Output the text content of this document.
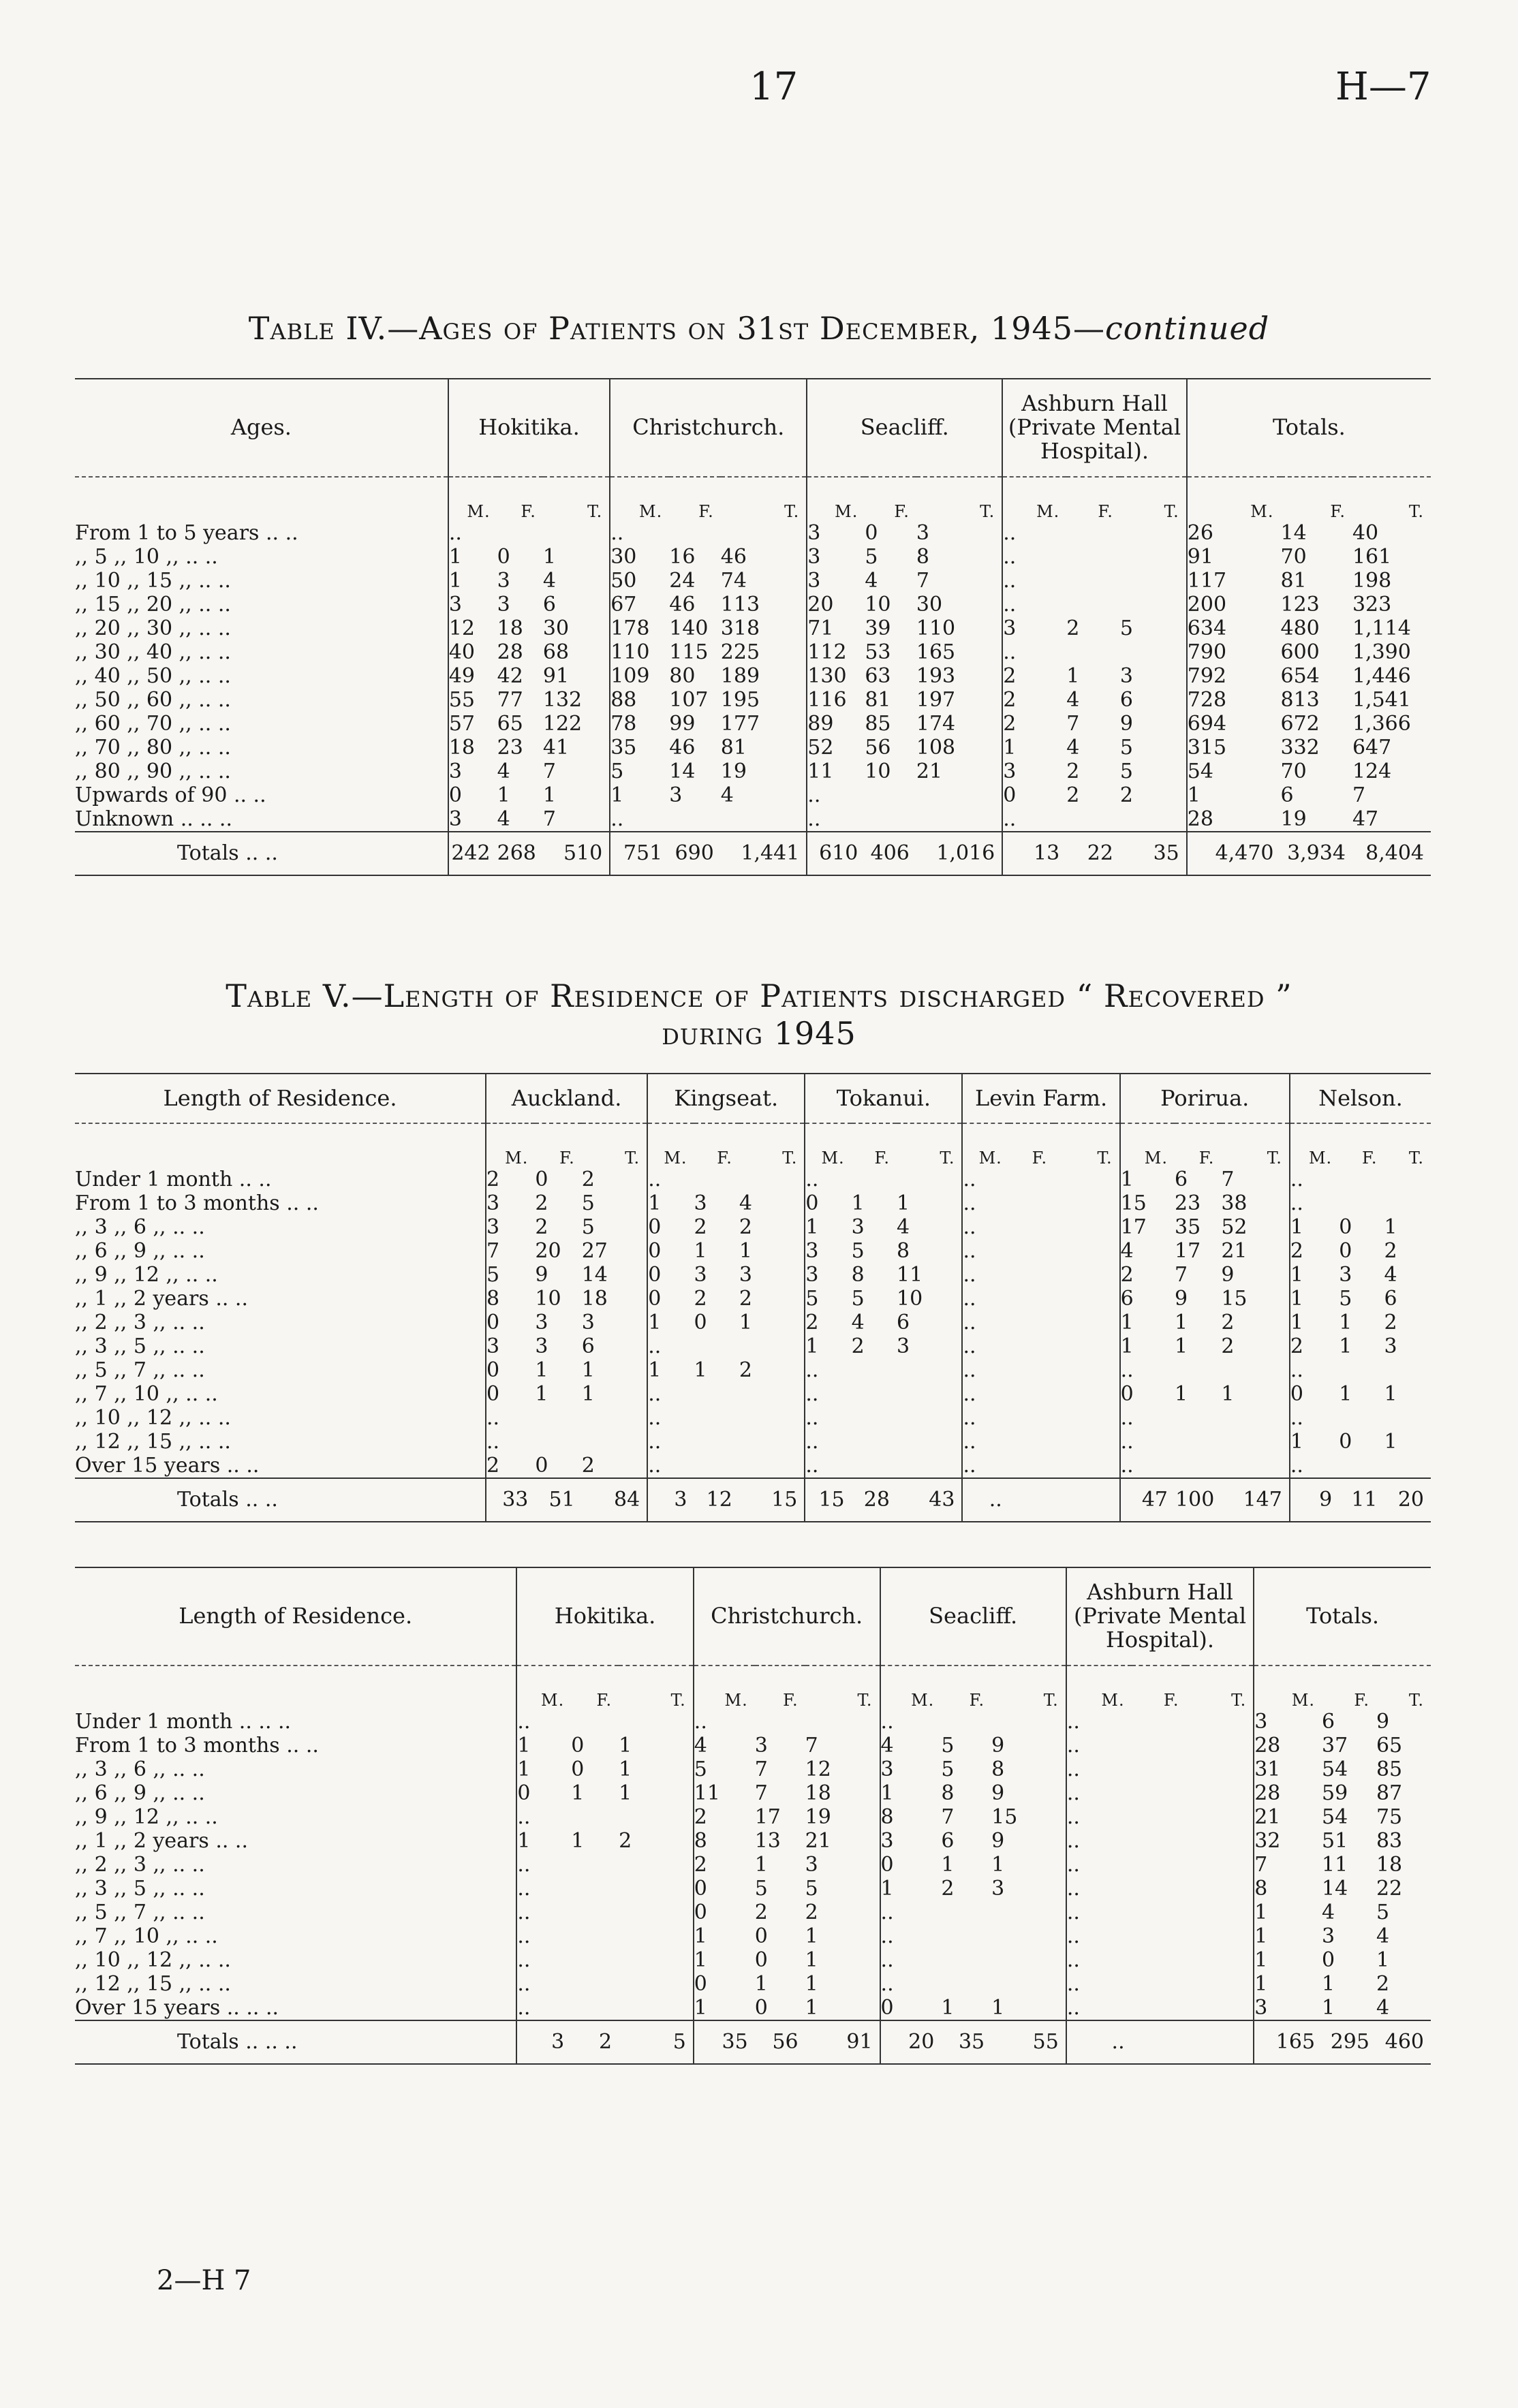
17	H—7
Table IV.—Ages of Patients on 31st December, 1945—continued
Ages.	Hokitika.			Christchurch.			Seacliff.			Ashburn Hall (Private Mental Hospital).			Totals.		
	M.	F.	T.	M.	F.	T.	M.	F.	T.	M.	F.	T.	M.	F.	T.
From 1 to 5 years .. ..	..			..			3	0	3	..			26	14	40
,, 5 ,, 10 ,, .. ..	1	0	1	30	16	46	3	5	8	..			91	70	161
,, 10 ,, 15 ,, .. ..	1	3	4	50	24	74	3	4	7	..			117	81	198
,, 15 ,, 20 ,, .. ..	3	3	6	67	46	113	20	10	30	..			200	123	323
,, 20 ,, 30 ,, .. ..	12	18	30	178	140	318	71	39	110	3	2	5	634	480	1,114
,, 30 ,, 40 ,, .. ..	40	28	68	110	115	225	112	53	165	..			790	600	1,390
,, 40 ,, 50 ,, .. ..	49	42	91	109	80	189	130	63	193	2	1	3	792	654	1,446
,, 50 ,, 60 ,, .. ..	55	77	132	88	107	195	116	81	197	2	4	6	728	813	1,541
,, 60 ,, 70 ,, .. ..	57	65	122	78	99	177	89	85	174	2	7	9	694	672	1,366
,, 70 ,, 80 ,, .. ..	18	23	41	35	46	81	52	56	108	1	4	5	315	332	647
,, 80 ,, 90 ,, .. ..	3	4	7	5	14	19	11	10	21	3	2	5	54	70	124
Upwards of 90 .. ..	0	1	1	1	3	4	..			0	2	2	1	6	7
Unknown .. .. ..	3	4	7	..			..			..			28	19	47
Totals .. ..	242	268	510	751	690	1,441	610	406	1,016	13	22	35	4,470	3,934	8,404
Table V.—Length of Residence of Patients discharged “ Recovered ”
during 1945
Length of Residence.	Auckland.			Kingseat.			Tokanui.			Levin Farm.			Porirua.			Nelson.		
	M.	F.	T.	M.	F.	T.	M.	F.	T.	M.	F.	T.	M.	F.	T.	M.	F.	T.
Under 1 month .. ..	2	0	2	..			..			..			1	6	7	..		
From 1 to 3 months .. ..	3	2	5	1	3	4	0	1	1	..			15	23	38	..		
,, 3 ,, 6 ,, .. ..	3	2	5	0	2	2	1	3	4	..			17	35	52	1	0	1
,, 6 ,, 9 ,, .. ..	7	20	27	0	1	1	3	5	8	..			4	17	21	2	0	2
,, 9 ,, 12 ,, .. ..	5	9	14	0	3	3	3	8	11	..			2	7	9	1	3	4
,, 1 ,, 2 years .. ..	8	10	18	0	2	2	5	5	10	..			6	9	15	1	5	6
,, 2 ,, 3 ,, .. ..	0	3	3	1	0	1	2	4	6	..			1	1	2	1	1	2
,, 3 ,, 5 ,, .. ..	3	3	6	..			1	2	3	..			1	1	2	2	1	3
,, 5 ,, 7 ,, .. ..	0	1	1	1	1	2	..			..			..			..		
,, 7 ,, 10 ,, .. ..	0	1	1	..			..			..			0	1	1	0	1	1
,, 10 ,, 12 ,, .. ..	..			..			..			..			..			..		
,, 12 ,, 15 ,, .. ..	..			..			..			..			..			1	0	1
Over 15 years .. ..	2	0	2	..			..			..			..			..		
Totals .. ..	33	51	84	3	12	15	15	28	43	..			47	100	147	9	11	20
Length of Residence.	Hokitika.			Christchurch.			Seacliff.			Ashburn Hall (Private Mental Hospital).			Totals.		
	M.	F.	T.	M.	F.	T.	M.	F.	T.	M.	F.	T.	M.	F.	T.
Under 1 month .. .. ..	..			..			..			..			3	6	9
From 1 to 3 months .. ..	1	0	1	4	3	7	4	5	9	..			28	37	65
,, 3 ,, 6 ,, .. ..	1	0	1	5	7	12	3	5	8	..			31	54	85
,, 6 ,, 9 ,, .. ..	0	1	1	11	7	18	1	8	9	..			28	59	87
,, 9 ,, 12 ,, .. ..	..			2	17	19	8	7	15	..			21	54	75
,, 1 ,, 2 years .. ..	1	1	2	8	13	21	3	6	9	..			32	51	83
,, 2 ,, 3 ,, .. ..	..			2	1	3	0	1	1	..			7	11	18
,, 3 ,, 5 ,, .. ..	..			0	5	5	1	2	3	..			8	14	22
,, 5 ,, 7 ,, .. ..	..			0	2	2	..			..			1	4	5
,, 7 ,, 10 ,, .. ..	..			1	0	1	..			..			1	3	4
,, 10 ,, 12 ,, .. ..	..			1	0	1	..			..			1	0	1
,, 12 ,, 15 ,, .. ..	..			0	1	1	..			..			1	1	2
Over 15 years .. .. ..	..			1	0	1	0	1	1	..			3	1	4
Totals .. .. ..	3	2	5	35	56	91	20	35	55	..			165	295	460
2—H 7
